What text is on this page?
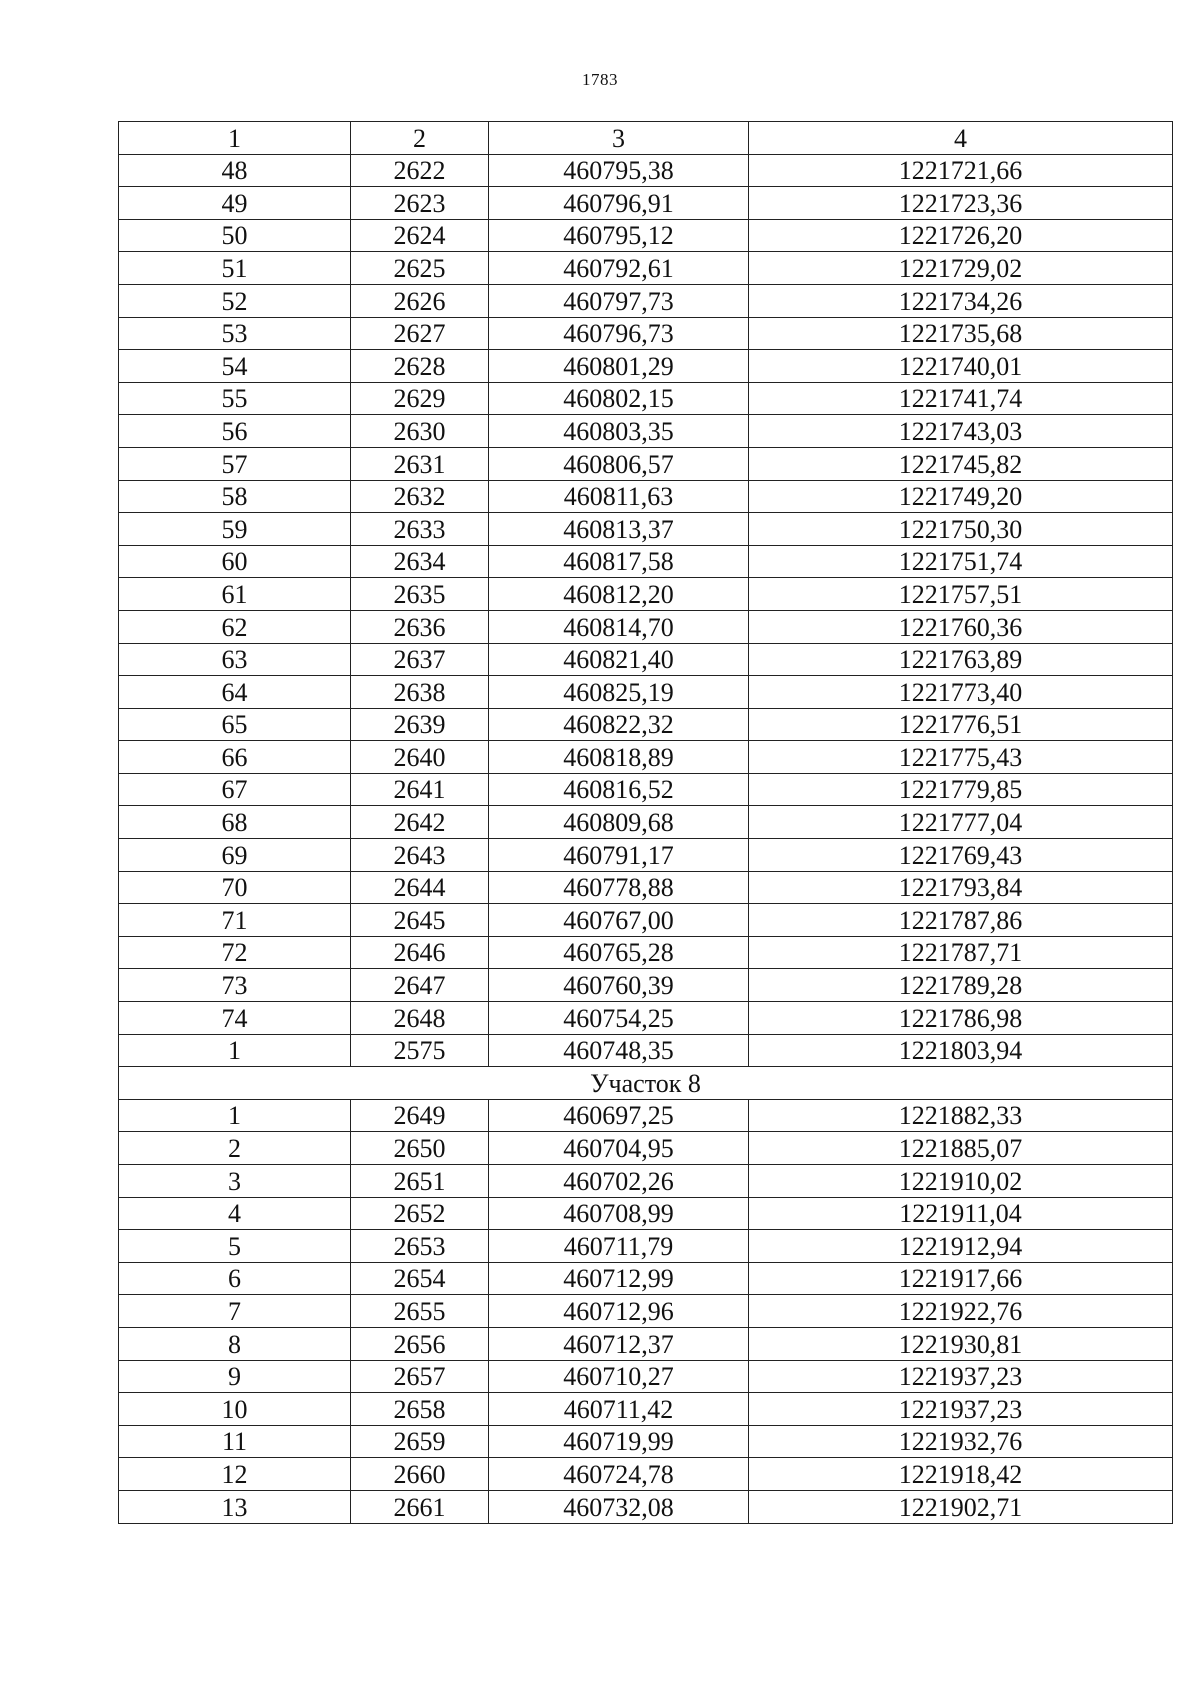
1783
1	2	3	4
48	2622	460795,38	1221721,66
49	2623	460796,91	1221723,36
50	2624	460795,12	1221726,20
51	2625	460792,61	1221729,02
52	2626	460797,73	1221734,26
53	2627	460796,73	1221735,68
54	2628	460801,29	1221740,01
55	2629	460802,15	1221741,74
56	2630	460803,35	1221743,03
57	2631	460806,57	1221745,82
58	2632	460811,63	1221749,20
59	2633	460813,37	1221750,30
60	2634	460817,58	1221751,74
61	2635	460812,20	1221757,51
62	2636	460814,70	1221760,36
63	2637	460821,40	1221763,89
64	2638	460825,19	1221773,40
65	2639	460822,32	1221776,51
66	2640	460818,89	1221775,43
67	2641	460816,52	1221779,85
68	2642	460809,68	1221777,04
69	2643	460791,17	1221769,43
70	2644	460778,88	1221793,84
71	2645	460767,00	1221787,86
72	2646	460765,28	1221787,71
73	2647	460760,39	1221789,28
74	2648	460754,25	1221786,98
1	2575	460748,35	1221803,94
Участок 8			
1	2649	460697,25	1221882,33
2	2650	460704,95	1221885,07
3	2651	460702,26	1221910,02
4	2652	460708,99	1221911,04
5	2653	460711,79	1221912,94
6	2654	460712,99	1221917,66
7	2655	460712,96	1221922,76
8	2656	460712,37	1221930,81
9	2657	460710,27	1221937,23
10	2658	460711,42	1221937,23
11	2659	460719,99	1221932,76
12	2660	460724,78	1221918,42
13	2661	460732,08	1221902,71
